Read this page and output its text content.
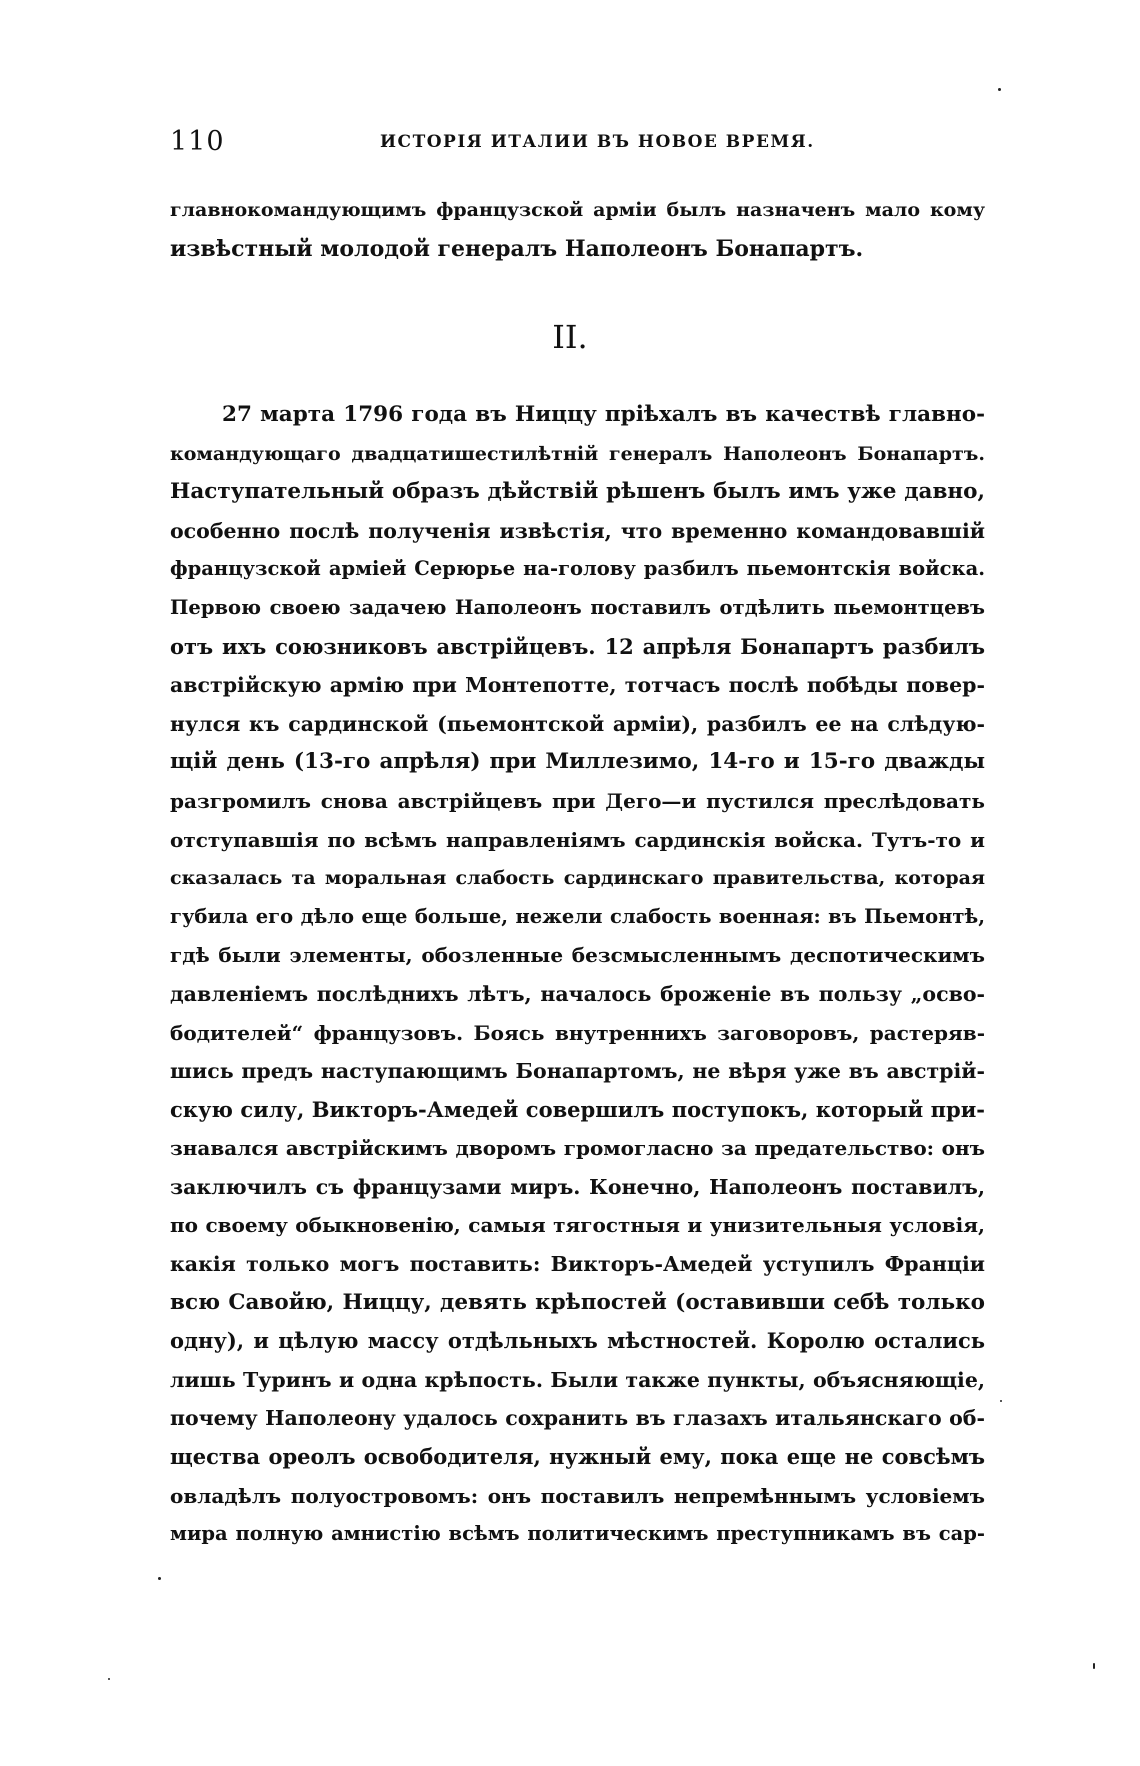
110	ИСТОРІЯ ИТАЛИИ ВЪ НОВОЕ ВРЕМЯ.
главнокомандующимъ французской арміи былъ назначенъ мало кому
извѣстный молодой генералъ Наполеонъ Бонапартъ.
II.
27 марта 1796 года въ Ниццу пріѣхалъ въ качествѣ главно-
командующаго двадцатишестилѣтній генералъ Наполеонъ Бонапартъ.
Наступательный образъ дѣйствій рѣшенъ былъ имъ уже давно,
особенно послѣ полученія извѣстія, что временно командовавшій
французской арміей Серюрье на-голову разбилъ пьемонтскія войска.
Первою своею задачею Наполеонъ поставилъ отдѣлить пьемонтцевъ
отъ ихъ союзниковъ австрійцевъ. 12 апрѣля Бонапартъ разбилъ
австрійскую армію при Монтепотте, тотчасъ послѣ побѣды повер-
нулся къ сардинской (пьемонтской арміи), разбилъ ее на слѣдую-
щій день (13-го апрѣля) при Миллезимо, 14-го и 15-го дважды
разгромилъ снова австрійцевъ при Дего—и пустился преслѣдовать
отступавшія по всѣмъ направленіямъ сардинскія войска. Тутъ-то и
сказалась та моральная слабость сардинскаго правительства, которая
губила его дѣло еще больше, нежели слабость военная: въ Пьемонтѣ,
гдѣ были элементы, обозленные безсмысленнымъ деспотическимъ
давленіемъ послѣднихъ лѣтъ, началось броженіе въ пользу „осво-
бодителей“ французовъ. Боясь внутреннихъ заговоровъ, растеряв-
шись предъ наступающимъ Бонапартомъ, не вѣря уже въ австрій-
скую силу, Викторъ-Амедей совершилъ поступокъ, который при-
знавался австрійскимъ дворомъ громогласно за предательство: онъ
заключилъ съ французами миръ. Конечно, Наполеонъ поставилъ,
по своему обыкновенію, самыя тягостныя и унизительныя условія,
какія только могъ поставить: Викторъ-Амедей уступилъ Франціи
всю Савойю, Ниццу, девять крѣпостей (оставивши себѣ только
одну), и цѣлую массу отдѣльныхъ мѣстностей. Королю остались
лишь Туринъ и одна крѣпость. Были также пункты, объясняющіе,
почему Наполеону удалось сохранить въ глазахъ итальянскаго об-
щества ореолъ освободителя, нужный ему, пока еще не совсѣмъ
овладѣлъ полуостровомъ: онъ поставилъ непремѣннымъ условіемъ
мира полную амнистію всѣмъ политическимъ преступникамъ въ сар-
